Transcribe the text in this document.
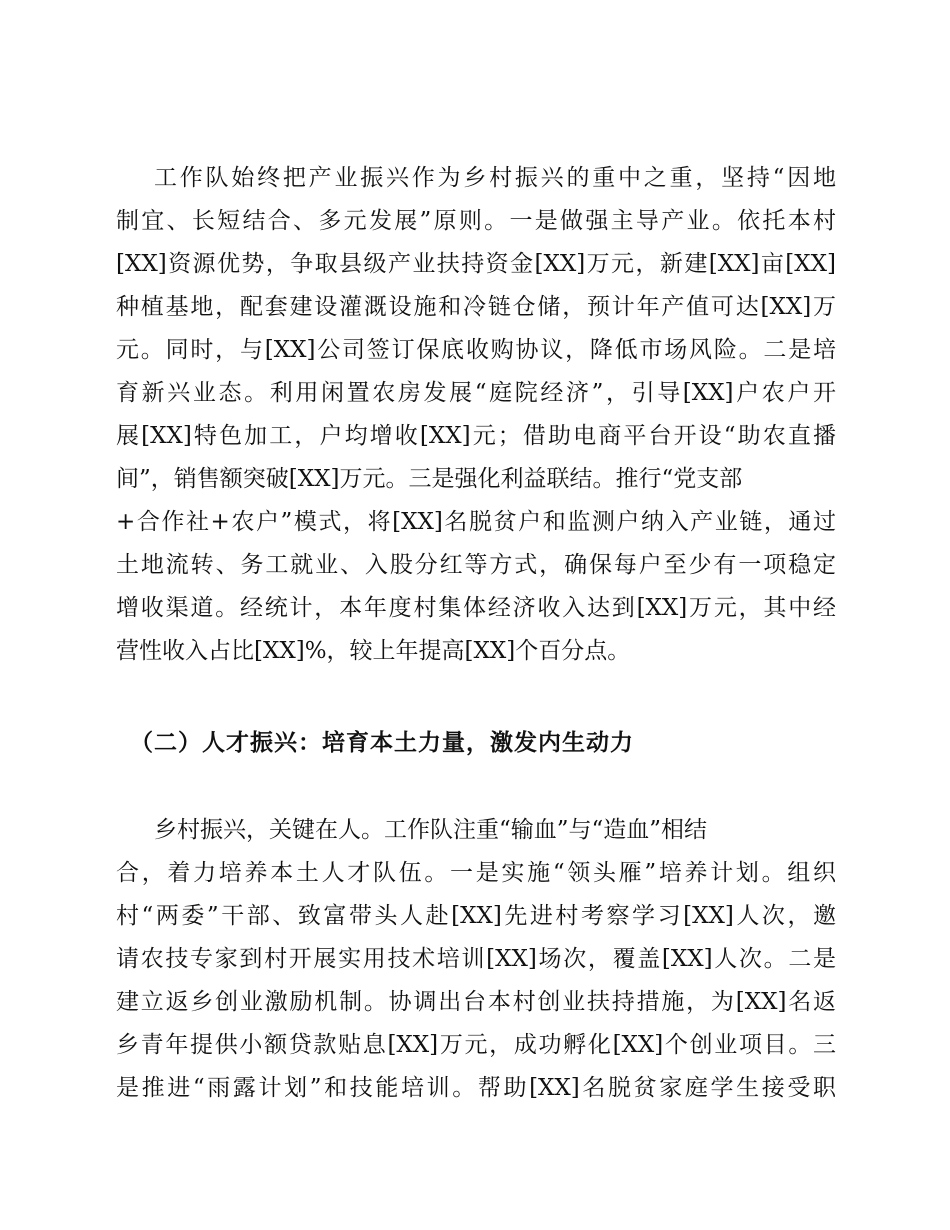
工作队始终把产业振兴作为乡村振兴的重中之重，坚持“因地
制宜、长短结合、多元发展”原则。一是做强主导产业。依托本村
[XX]资源优势，争取县级产业扶持资金[XX]万元，新建[XX]亩[XX]
种植基地，配套建设灌溉设施和冷链仓储，预计年产值可达[XX]万
元。同时，与[XX]公司签订保底收购协议，降低市场风险。二是培
育新兴业态。利用闲置农房发展“庭院经济”，引导[XX]户农户开
展[XX]特色加工，户均增收[XX]元；借助电商平台开设“助农直播
间”，销售额突破[XX]万元。三是强化利益联结。推行“党支部
+合作社+农户”模式，将[XX]名脱贫户和监测户纳入产业链，通过
土地流转、务工就业、入股分红等方式，确保每户至少有一项稳定
增收渠道。经统计，本年度村集体经济收入达到[XX]万元，其中经
营性收入占比[XX]%，较上年提高[XX]个百分点。
（二）人才振兴：培育本土力量，激发内生动力
乡村振兴，关键在人。工作队注重“输血”与“造血”相结
合，着力培养本土人才队伍。一是实施“领头雁”培养计划。组织
村“两委”干部、致富带头人赴[XX]先进村考察学习[XX]人次，邀
请农技专家到村开展实用技术培训[XX]场次，覆盖[XX]人次。二是
建立返乡创业激励机制。协调出台本村创业扶持措施，为[XX]名返
乡青年提供小额贷款贴息[XX]万元，成功孵化[XX]个创业项目。三
是推进“雨露计划”和技能培训。帮助[XX]名脱贫家庭学生接受职
